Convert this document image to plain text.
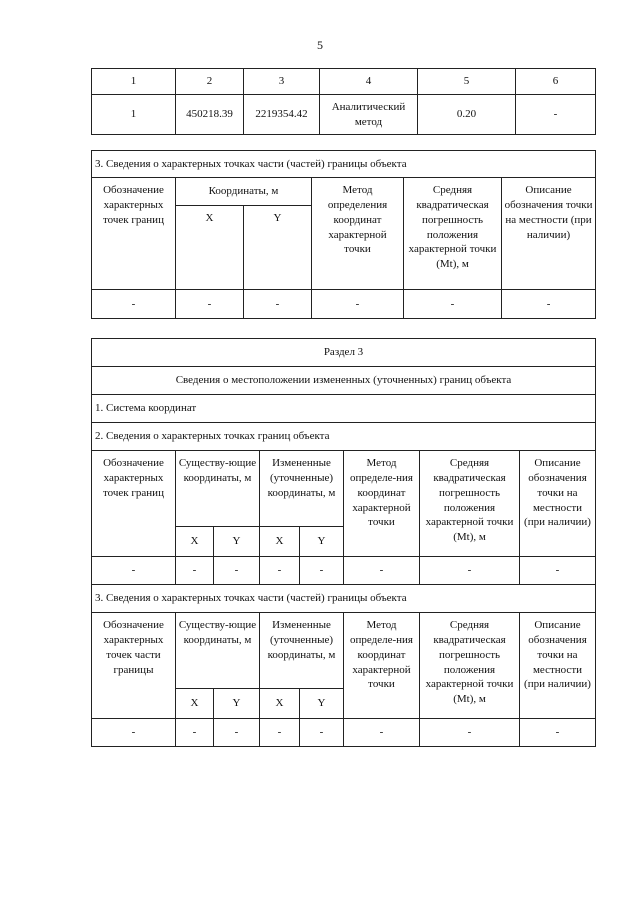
5
1	2	3	4	5	6
1	450218.39	2219354.42	Аналитический метод	0.20	-
3. Сведения о характерных точках части (частей) границы объекта					
Обозначение характерных точек границ	Координаты, м		Метод определения координат характерной точки	Средняя квадратическая погрешность положения характерной точки (Mt), м	Описание обозначения точки на местности (при наличии)
	X	Y			
-	-	-	-	-	-
Раздел 3							
Сведения о местоположении измененных (уточненных) границ объекта							
1. Система координат							
2. Сведения о характерных точках границ объекта							
Обозначение характерных точек границ	Существу-ющие координаты, м		Измененные (уточненные) координаты, м		Метод определе-ния координат характерной точки	Средняя квадратическая погрешность положения характерной точки (Mt), м	Описание обозначения точки на местности (при наличии)
	X	Y	X	Y			
-	-	-	-	-	-	-	-
3. Сведения о характерных точках части (частей) границы объекта							
Обозначение характерных точек части границы	Существу-ющие координаты, м		Измененные (уточненные) координаты, м		Метод определе-ния координат характерной точки	Средняя квадратическая погрешность положения характерной точки (Mt), м	Описание обозначения точки на местности (при наличии)
	X	Y	X	Y			
-	-	-	-	-	-	-	-
